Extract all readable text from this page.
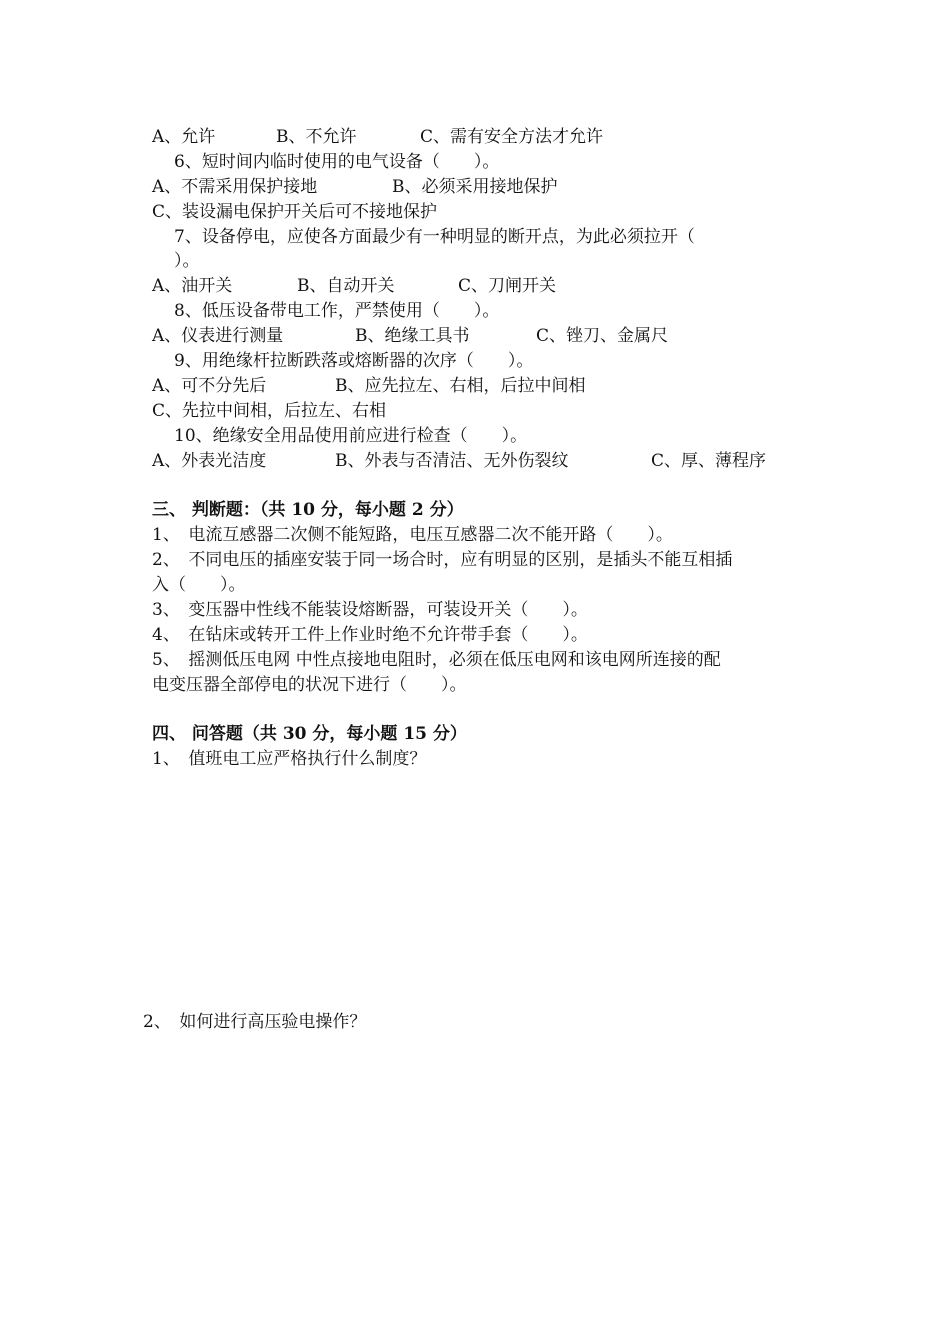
A、允许	B、不允许	C、需有安全方法才允许
6、短时间内临时使用的电气设备（　　）。
A、不需采用保护接地	B、必须采用接地保护
C、装设漏电保护开关后可不接地保护
7、设备停电，应使各方面最少有一种明显的断开点，为此必须拉开（
）。
A、油开关	B、自动开关	C、刀闸开关
8、低压设备带电工作，严禁使用（　　）。
A、仪表进行测量	B、绝缘工具书	C、锉刀、金属尺
9、用绝缘杆拉断跌落或熔断器的次序（　　）。
A、可不分先后	B、应先拉左、右相，后拉中间相
C、先拉中间相，后拉左、右相
10、绝缘安全用品使用前应进行检查（　　）。
A、外表光洁度	B、外表与否清洁、无外伤裂纹	C、厚、薄程序
三、 判断题：（共 10 分，每小题 2 分）
1、　电流互感器二次侧不能短路，电压互感器二次不能开路（　　）。
2、　不同电压的插座安装于同一场合时，应有明显的区别，是插头不能互相插
入（　　）。
3、　变压器中性线不能装设熔断器，可装设开关（　　）。
4、　在钻床或转开工件上作业时绝不允许带手套（　　）。
5、　摇测低压电网 中性点接地电阻时，必须在低压电网和该电网所连接的配
电变压器全部停电的状况下进行（　　）。
四、 问答题（共 30 分，每小题 15 分）
1、　值班电工应严格执行什么制度？
2、　如何进行高压验电操作？
